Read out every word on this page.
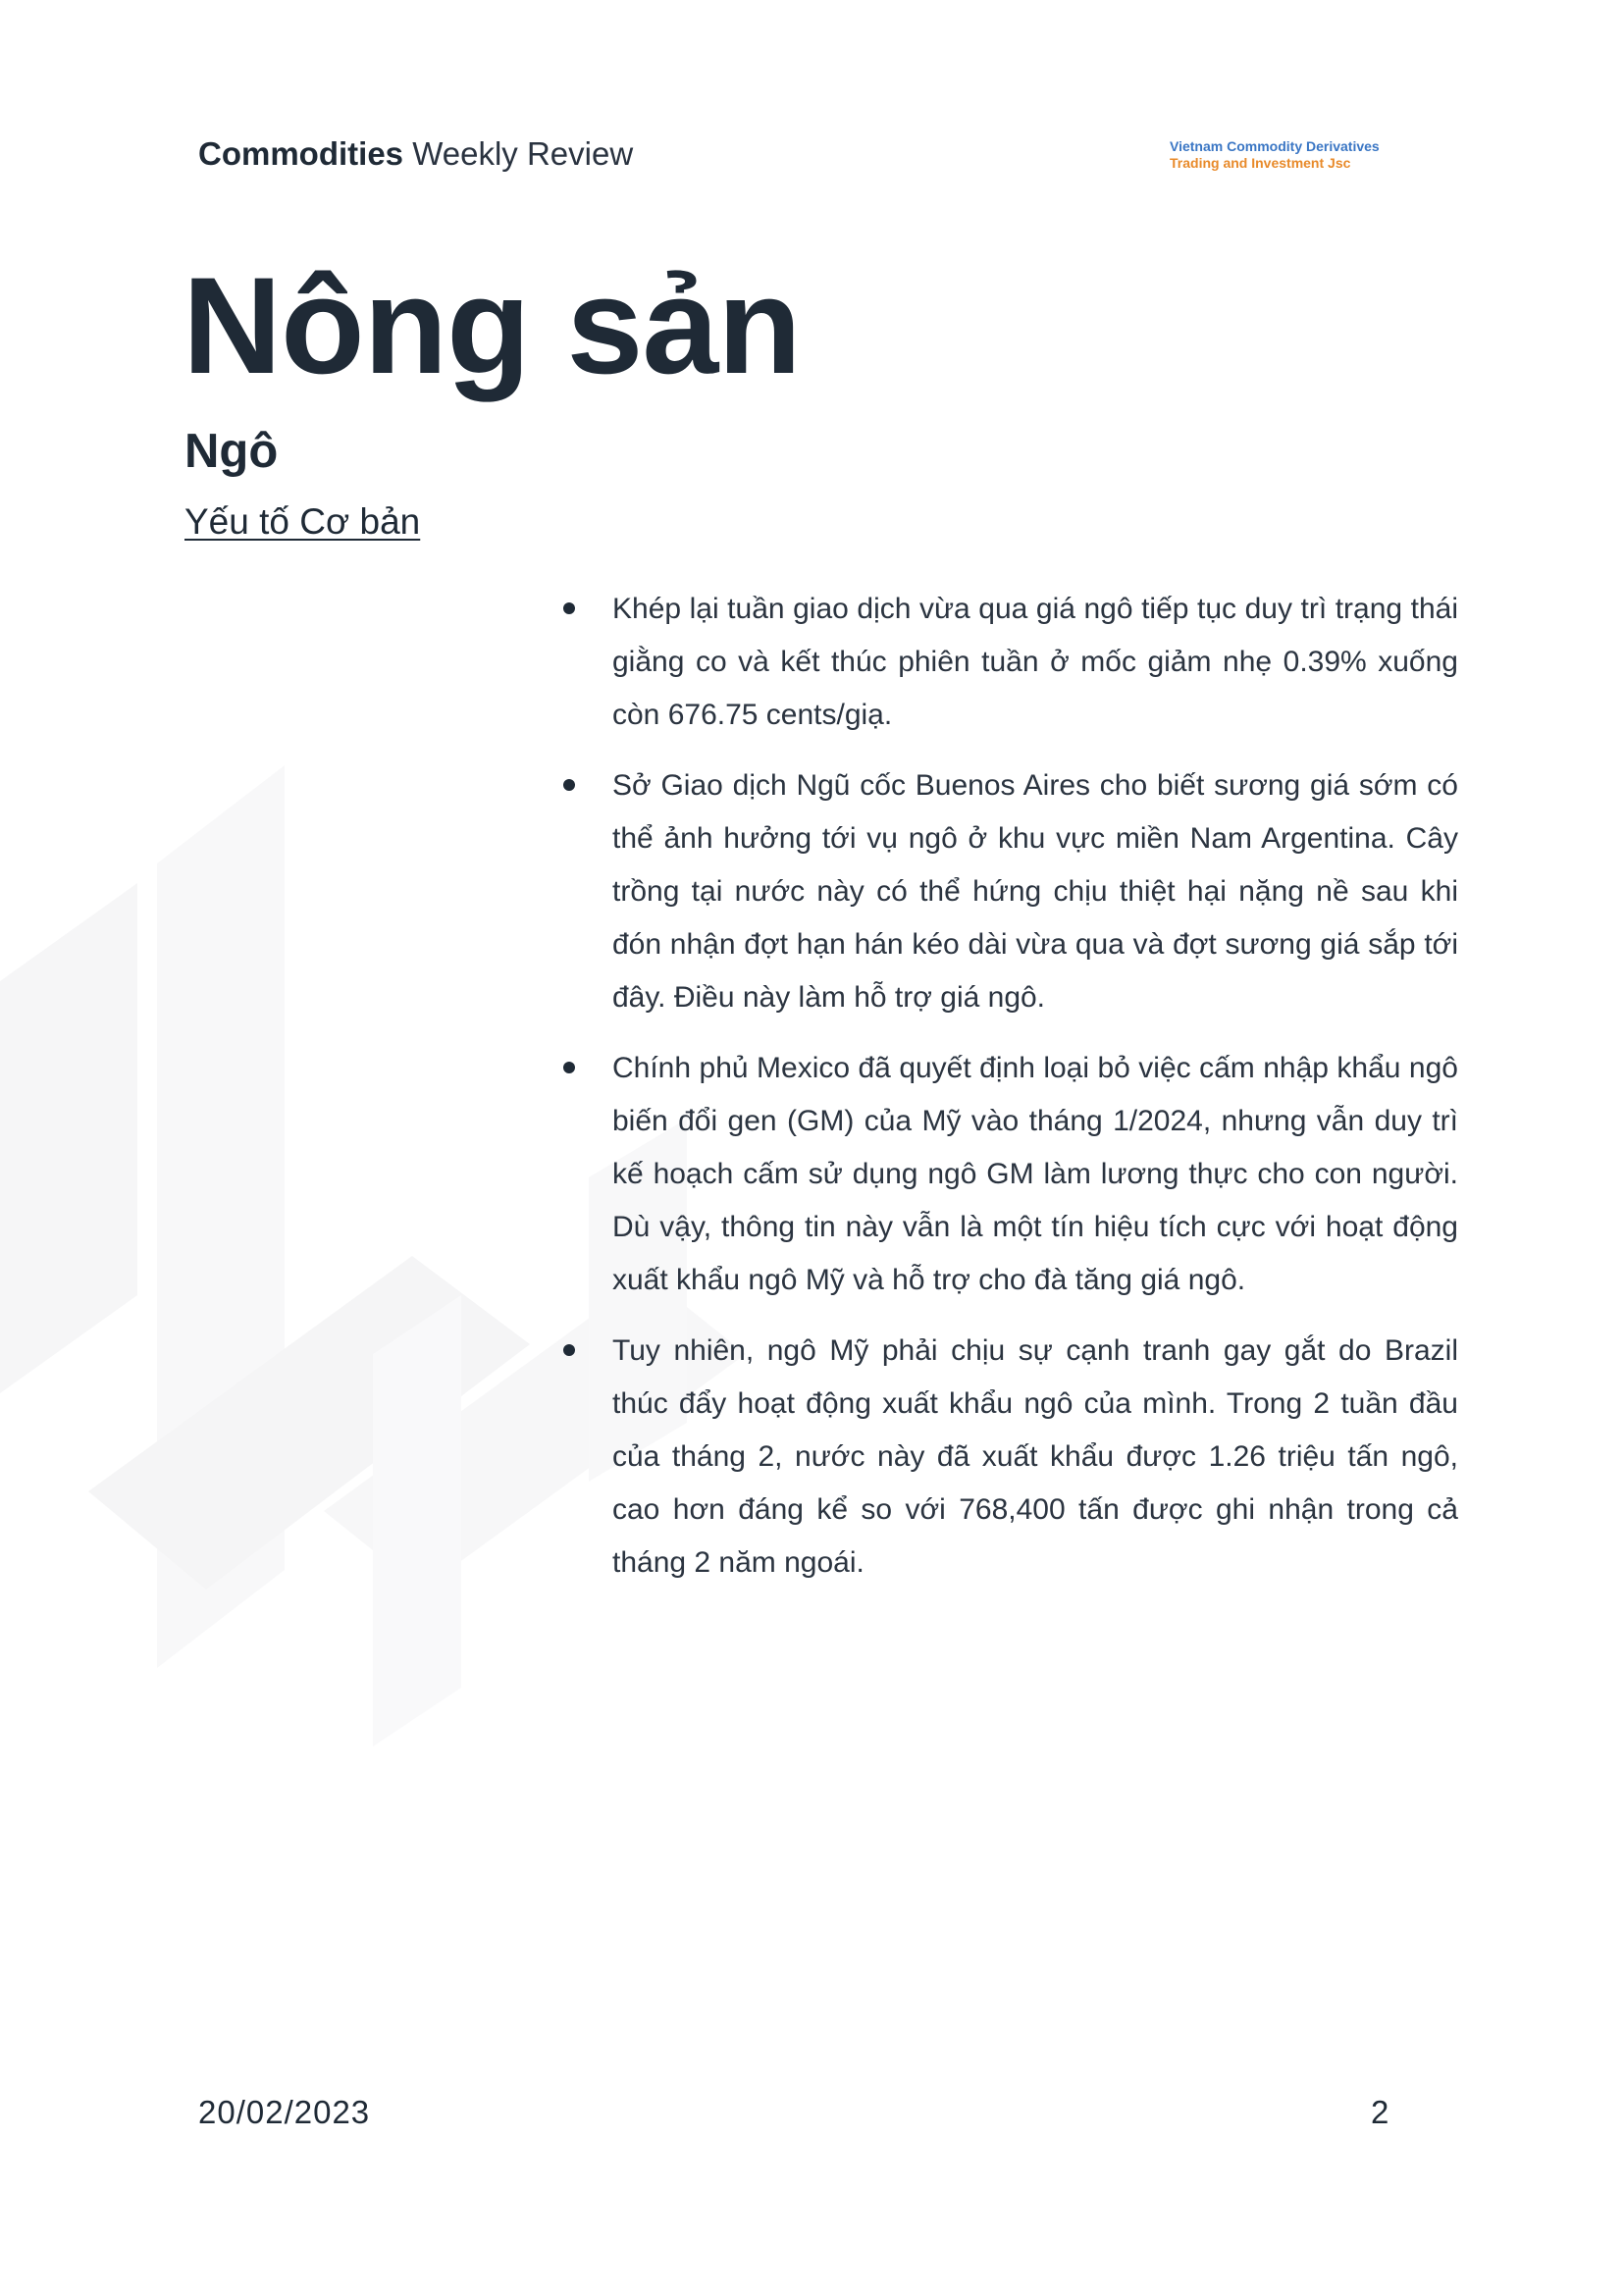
Commodities Weekly Review	Vietnam Commodity Derivatives
Trading and Investment Jsc
Nông sản
Ngô
Yếu tố Cơ bản
Khép lại tuần giao dịch vừa qua giá ngô tiếp tục duy trì trạng thái giằng co và kết thúc phiên tuần ở mốc giảm nhẹ 0.39% xuống còn 676.75 cents/giạ.
Sở Giao dịch Ngũ cốc Buenos Aires cho biết sương giá sớm có thể ảnh hưởng tới vụ ngô ở khu vực miền Nam Argentina. Cây trồng tại nước này có thể hứng chịu thiệt hại nặng nề sau khi đón nhận đợt hạn hán kéo dài vừa qua và đợt sương giá sắp tới đây. Điều này làm hỗ trợ giá ngô.
Chính phủ Mexico đã quyết định loại bỏ việc cấm nhập khẩu ngô biến đổi gen (GM) của Mỹ vào tháng 1/2024, nhưng vẫn duy trì kế hoạch cấm sử dụng ngô GM làm lương thực cho con người. Dù vậy, thông tin này vẫn là một tín hiệu tích cực với hoạt động xuất khẩu ngô Mỹ và hỗ trợ cho đà tăng giá ngô.
Tuy nhiên, ngô Mỹ phải chịu sự cạnh tranh gay gắt do Brazil thúc đẩy hoạt động xuất khẩu ngô của mình. Trong 2 tuần đầu của tháng 2, nước này đã xuất khẩu được 1.26 triệu tấn ngô, cao hơn đáng kể so với 768,400 tấn được ghi nhận trong cả tháng 2 năm ngoái.
20/02/2023	2
